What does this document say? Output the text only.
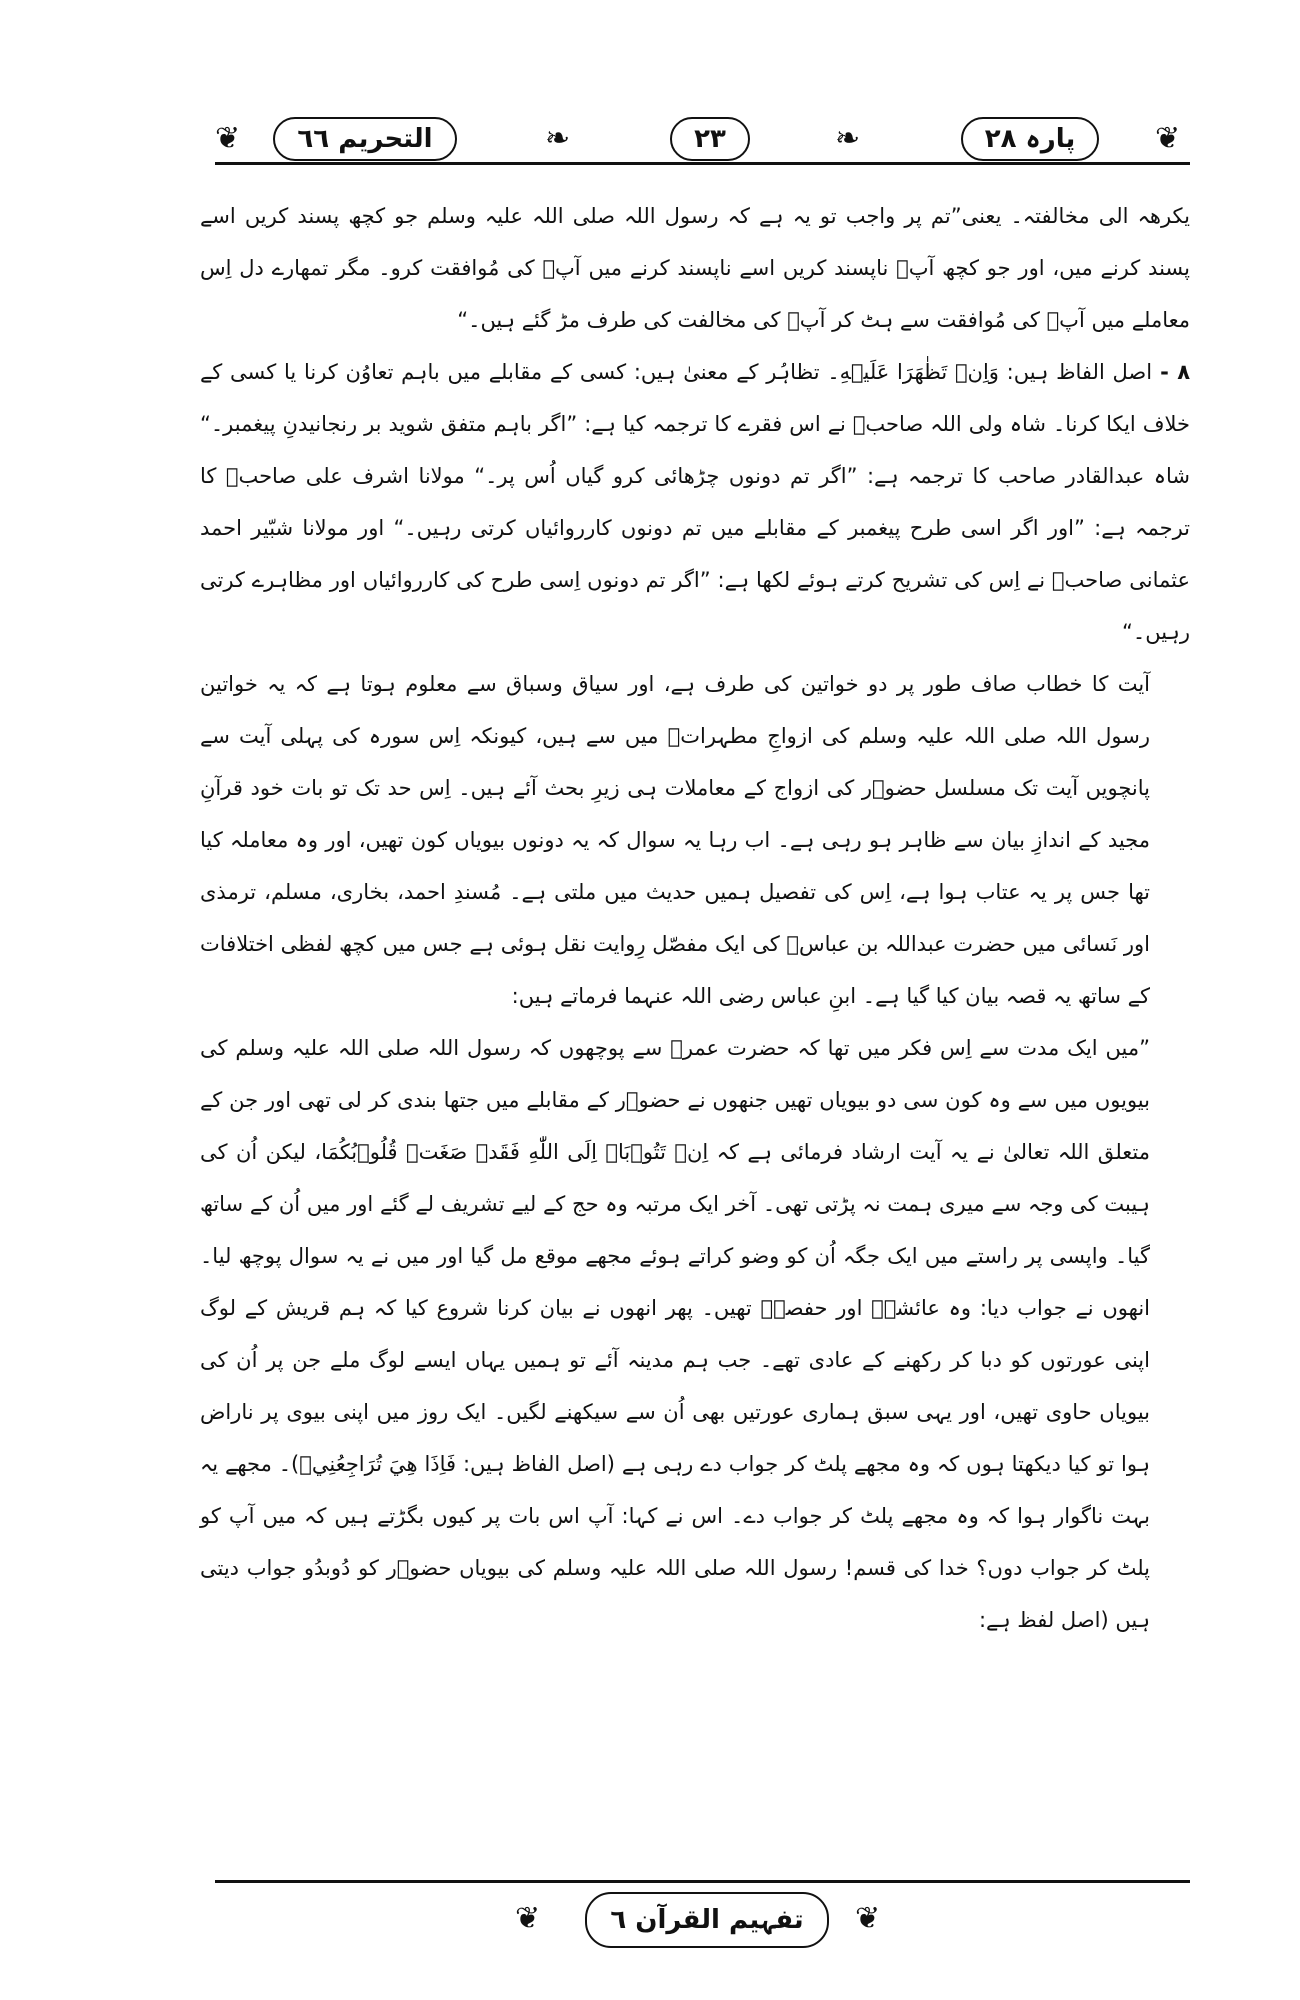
❦	التحریم ٦٦	❧	۲۳	❧	پارہ ۲۸	❦

یکرھہ الی مخالفتہ۔ یعنی”تم پر واجب تو یہ ہے کہ رسول اللہ صلی اللہ علیہ وسلم جو کچھ پسند کریں اسے پسند کرنے میں، اور جو کچھ آپؐ ناپسند کریں اسے ناپسند کرنے میں آپؐ کی مُوافقت کرو۔ مگر تمھارے دل اِس معاملے میں آپؐ کی مُوافقت سے ہٹ کر آپؐ کی مخالفت کی طرف مڑ گئے ہیں۔“

۸ -اصل الفاظ ہیں: وَاِنۡ تَظٰهَرَا عَلَيۡهِ۔ تظاہُر کے معنیٰ ہیں: کسی کے مقابلے میں باہم تعاوُن کرنا یا کسی کے خلاف ایکا کرنا۔ شاہ ولی اللہ صاحبؒ نے اس فقرے کا ترجمہ کیا ہے: ”اگر باہم متفق شوید بر رنجانیدنِ پیغمبر۔“ شاہ عبدالقادر صاحب کا ترجمہ ہے: ”اگر تم دونوں چڑھائی کرو گیاں اُس پر۔“ مولانا اشرف علی صاحبؒ کا ترجمہ ہے: ”اور اگر اسی طرح پیغمبر کے مقابلے میں تم دونوں کارروائیاں کرتی رہیں۔“ اور مولانا شبّیر احمد عثمانی صاحبؒ نے اِس کی تشریح کرتے ہوئے لکھا ہے: ”اگر تم دونوں اِسی طرح کی کارروائیاں اور مظاہرے کرتی رہیں۔“

آیت کا خطاب صاف طور پر دو خواتین کی طرف ہے، اور سیاق وسباق سے معلوم ہوتا ہے کہ یہ خواتین رسول اللہ صلی اللہ علیہ وسلم کی ازواجِ مطہراتؓ میں سے ہیں، کیونکہ اِس سورہ کی پہلی آیت سے پانچویں آیت تک مسلسل حضوؐر کی ازواج کے معاملات ہی زیرِ بحث آئے ہیں۔ اِس حد تک تو بات خود قرآنِ مجید کے اندازِ بیان سے ظاہر ہو رہی ہے۔ اب رہا یہ سوال کہ یہ دونوں بیویاں کون تھیں، اور وہ معاملہ کیا تھا جس پر یہ عتاب ہوا ہے، اِس کی تفصیل ہمیں حدیث میں ملتی ہے۔ مُسندِ احمد، بخاری، مسلم، ترمذی اور نَسائی میں حضرت عبداللہ بن عباسؓ کی ایک مفصّل رِوایت نقل ہوئی ہے جس میں کچھ لفظی اختلافات کے ساتھ یہ قصہ بیان کیا گیا ہے۔ ابنِ عباس رضی اللہ عنہما فرماتے ہیں:

”میں ایک مدت سے اِس فکر میں تھا کہ حضرت عمرؓ سے پوچھوں کہ رسول اللہ صلی اللہ علیہ وسلم کی بیویوں میں سے وہ کون سی دو بیویاں تھیں جنھوں نے حضوؐر کے مقابلے میں جتھا بندی کر لی تھی اور جن کے متعلق اللہ تعالیٰ نے یہ آیت ارشاد فرمائی ہے کہ اِنۡ تَتُوۡبَاۤ اِلَى اللّٰهِ فَقَدۡ صَغَتۡ قُلُوۡبُكُمَا، لیکن اُن کی ہیبت کی وجہ سے میری ہمت نہ پڑتی تھی۔ آخر ایک مرتبہ وہ حج کے لیے تشریف لے گئے اور میں اُن کے ساتھ گیا۔ واپسی پر راستے میں ایک جگہ اُن کو وضو کراتے ہوئے مجھے موقع مل گیا اور میں نے یہ سوال پوچھ لیا۔ انھوں نے جواب دیا: وہ عائشہؓ اور حفصہؓ تھیں۔ پھر انھوں نے بیان کرنا شروع کیا کہ ہم قریش کے لوگ اپنی عورتوں کو دبا کر رکھنے کے عادی تھے۔ جب ہم مدینہ آئے تو ہمیں یہاں ایسے لوگ ملے جن پر اُن کی بیویاں حاوی تھیں، اور یہی سبق ہماری عورتیں بھی اُن سے سیکھنے لگیں۔ ایک روز میں اپنی بیوی پر ناراض ہوا تو کیا دیکھتا ہوں کہ وہ مجھے پلٹ کر جواب دے رہی ہے (اصل الفاظ ہیں: فَاِذَا هِيَ تُرَاجِعُنِيۡ)۔ مجھے یہ بہت ناگوار ہوا کہ وہ مجھے پلٹ کر جواب دے۔ اس نے کہا: آپ اس بات پر کیوں بگڑتے ہیں کہ میں آپ کو پلٹ کر جواب دوں؟ خدا کی قسم! رسول اللہ صلی اللہ علیہ وسلم کی بیویاں حضوؐر کو دُوبدُو جواب دیتی ہیں (اصل لفظ ہے:

❦	تفہیم القرآن ٦	❦
